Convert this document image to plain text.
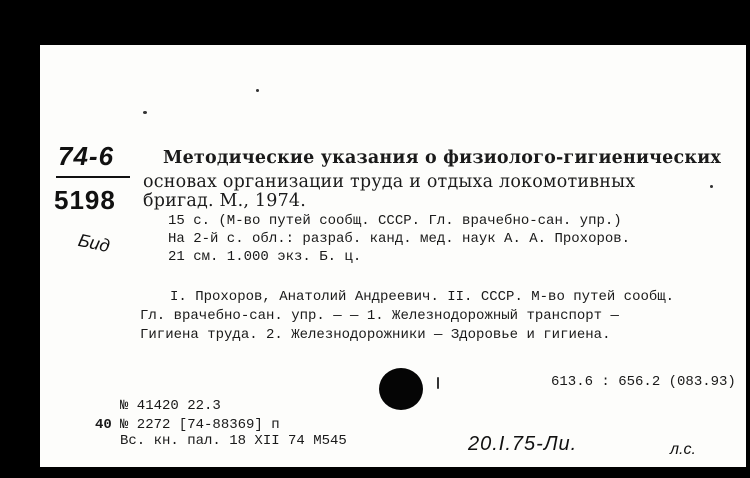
74-6
5198
Бид
Методические указания о физиолого-гигиенических
основах организации труда и отдыха локомотивных
бригад. М., 1974.
15 с. (М-во путей сообщ. СССР. Гл. врачебно-сан. упр.)
На 2-й с. обл.: разраб. канд. мед. наук А. А. Прохоров.
21 см. 1.000 экз. Б. ц.
I. Прохоров, Анатолий Андреевич. II. СССР. М-во путей сообщ.
Гл. врачебно-сан. упр. — — 1. Железнодорожный транспорт —
Гигиена труда. 2. Железнодорожники — Здоровье и гигиена.
613.6 : 656.2 (083.93)
№ 41420 22.3
40 № 2272 [74-88369] п
Вс. кн. пал. 18 XII 74 М545	20.I.75-Ли.	л.с.
